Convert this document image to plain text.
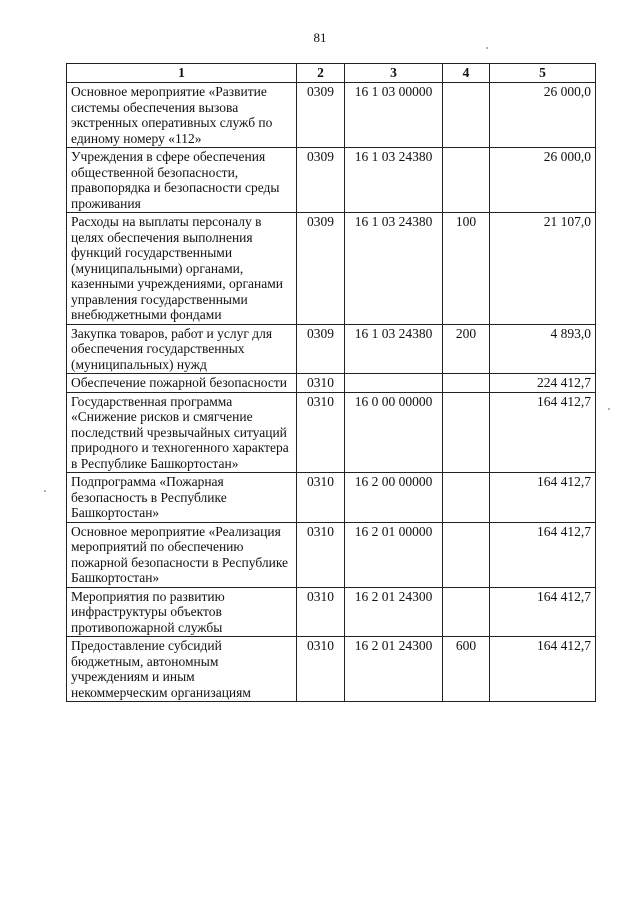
81
1	2	3	4	5
Основное мероприятие «Развитие системы обеспечения вызова экстренных оперативных служб по единому номеру «112»	0309	16 1 03 00000		26 000,0
Учреждения в сфере обеспечения общественной безопасности, правопорядка и безопасности среды проживания	0309	16 1 03 24380		26 000,0
Расходы на выплаты персоналу в целях обеспечения выполнения функций государственными (муниципальными) органами, казенными учреждениями, органами управления государственными внебюджетными фондами	0309	16 1 03 24380	100	21 107,0
Закупка товаров, работ и услуг для обеспечения государственных (муниципальных) нужд	0309	16 1 03 24380	200	4 893,0
Обеспечение пожарной безопасности	0310			224 412,7
Государственная программа «Снижение рисков и смягчение последствий чрезвычайных ситуаций природного и техногенного характера в Республике Башкортостан»	0310	16 0 00 00000		164 412,7
Подпрограмма «Пожарная безопасность в Республике Башкортостан»	0310	16 2 00 00000		164 412,7
Основное мероприятие «Реализация мероприятий по обеспечению пожарной безопасности в Республике Башкортостан»	0310	16 2 01 00000		164 412,7
Мероприятия по развитию инфраструктуры объектов противопожарной службы	0310	16 2 01 24300		164 412,7
Предоставление субсидий бюджетным, автономным учреждениям и иным некоммерческим организациям	0310	16 2 01 24300	600	164 412,7
